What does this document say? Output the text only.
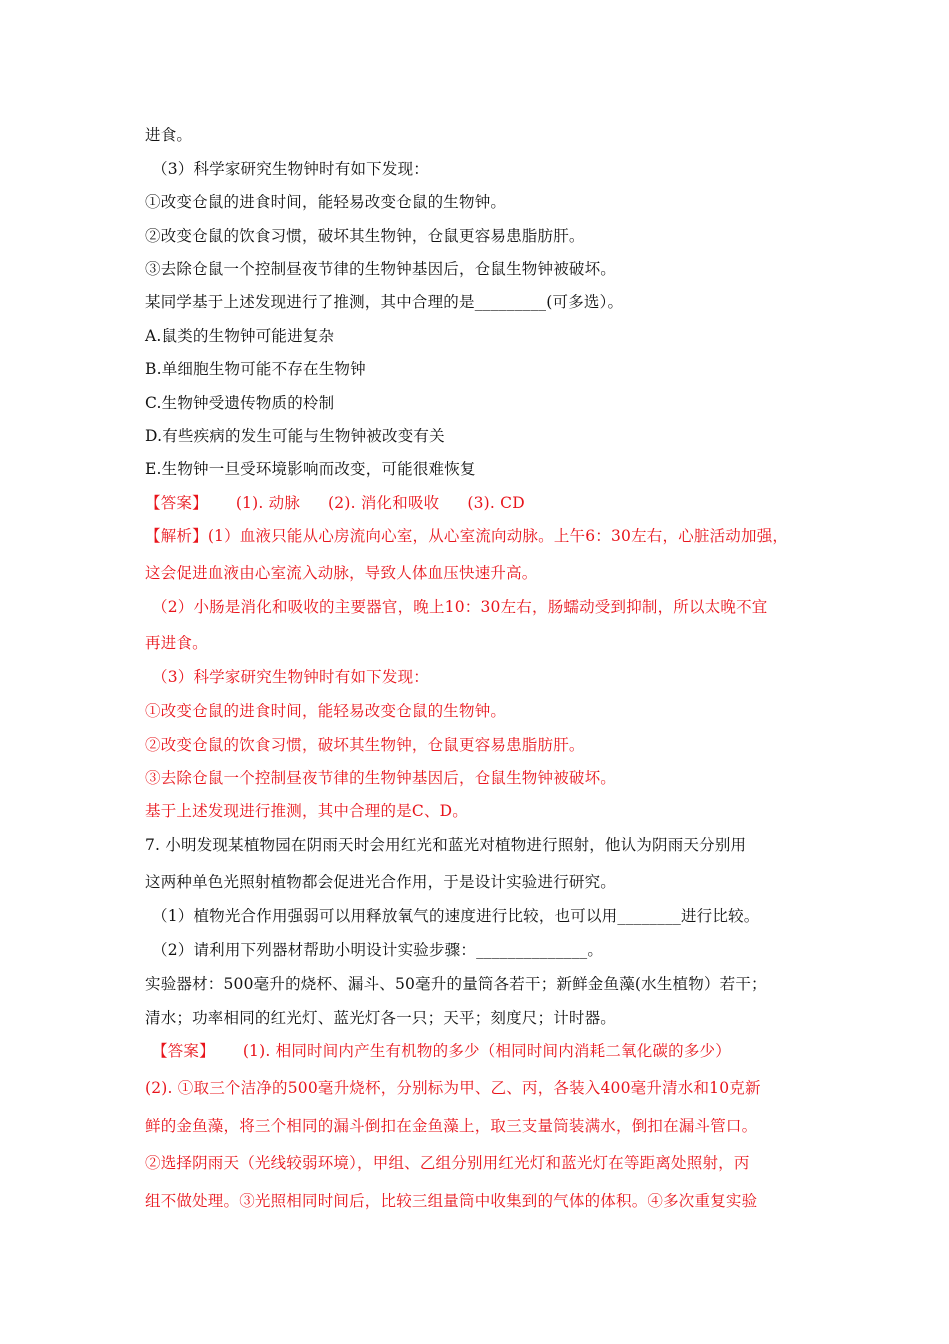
进食。
（3）科学家研究生物钟时有如下发现：
①改变仓鼠的进食时间，能轻易改变仓鼠的生物钟。
②改变仓鼠的饮食习惯，破坏其生物钟，仓鼠更容易患脂肪肝。
③去除仓鼠一个控制昼夜节律的生物钟基因后，仓鼠生物钟被破坏。
某同学基于上述发现进行了推测，其中合理的是_________(可多选）。
A.鼠类的生物钟可能进复杂
B.单细胞生物可能不存在生物钟
C.生物钟受遗传物质的柃制
D.有些疾病的发生可能与生物钟被改变有关
E.生物钟一旦受环境影响而改变，可能很难恢复
【答案】 (1). 动脉 (2). 消化和吸收 (3). CD
【解析】(1）血液只能从心房流向心室，从心室流向动脉。上午6：30左右，心脏活动加强，
这会促进血液由心室流入动脉，导致人体血压快速升高。
（2）小肠是消化和吸收的主要器官，晚上10：30左右，肠蠕动受到抑制，所以太晚不宜
再进食。
（3）科学家研究生物钟时有如下发现：
①改变仓鼠的进食时间，能轻易改变仓鼠的生物钟。
②改变仓鼠的饮食习惯，破坏其生物钟，仓鼠更容易患脂肪肝。
③去除仓鼠一个控制昼夜节律的生物钟基因后，仓鼠生物钟被破坏。
基于上述发现进行推测，其中合理的是C、D。
7. 小明发现某植物园在阴雨天时会用红光和蓝光对植物进行照射，他认为阴雨天分别用
这两种单色光照射植物都会促进光合作用，于是设计实验进行研究。
（1）植物光合作用强弱可以用释放氧气的速度进行比较，也可以用________进行比较。
（2）请利用下列器材帮助小明设计实验步骤：______________。
实验器材：500毫升的烧杯、漏斗、50毫升的量筒各若干；新鲜金鱼藻(水生植物）若干；
清水；功率相同的红光灯、蓝光灯各一只；天平；刻度尺；计时器。
【答案】 (1). 相同时间内产生有机物的多少（相同时间内消耗二氧化碳的多少）
(2). ①取三个洁净的500毫升烧杯，分别标为甲、乙、丙，各装入400毫升清水和10克新
鲜的金鱼藻，将三个相同的漏斗倒扣在金鱼藻上，取三支量筒装满水，倒扣在漏斗管口。
②选择阴雨天（光线较弱环境），甲组、乙组分别用红光灯和蓝光灯在等距离处照射，丙
组不做处理。③光照相同时间后，比较三组量筒中收集到的气体的体积。④多次重复实验
